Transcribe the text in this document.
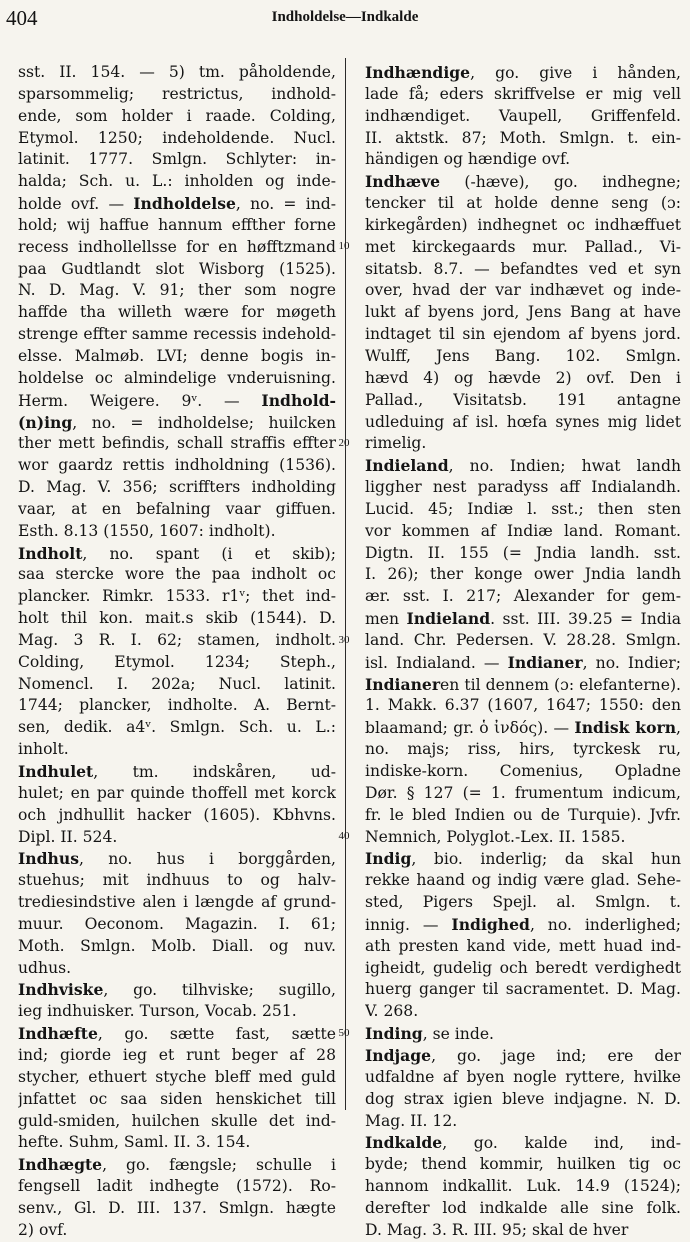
404	Indholdelse—Indkalde
sst. II. 154. — 5) tm. påholdende,
sparsommelig; restrictus, indhold-
ende, som holder i raade. Colding,
Etymol. 1250; indeholdende. Nucl.
latinit. 1777. Smlgn. Schlyter: in-
halda; Sch. u. L.: inholden og inde-
holde ovf. — Indholdelse, no. = ind-
hold; wij haffue hannum effther forne
recess indhollellsse for en høfftzmand
paa Gudtlandt slot Wisborg (1525).
N. D. Mag. V. 91; ther som nogre
haffde tha willeth wære for møgeth
strenge effter samme recessis indehold-
elsse. Malmøb. LVI; denne bogis in-
holdelse oc almindelige vnderuisning.
Herm. Weigere. 9ᵛ. — Indhold-
(n)ing, no. = indholdelse; huilcken
ther mett befindis, schall straffis effter
wor gaardz rettis indholdning (1536).
D. Mag. V. 356; scriffters indholding
vaar, at en befalning vaar giffuen.
Esth. 8.13 (1550, 1607: indholt).
Indholt, no. spant (i et skib);
saa stercke wore the paa indholt oc
plancker. Rimkr. 1533. r1ᵛ; thet ind-
holt thil kon. mait.s skib (1544). D.
Mag. 3 R. I. 62; stamen, indholt.
Colding, Etymol. 1234; Steph.,
Nomencl. I. 202a; Nucl. latinit.
1744; plancker, indholte. A. Bernt-
sen, dedik. a4ᵛ. Smlgn. Sch. u. L.:
inholt.
Indhulet, tm. indskåren, ud-
hulet; en par quinde thoffell met korck
och jndhullit hacker (1605). Kbhvns.
Dipl. II. 524.
Indhus, no. hus i borggården,
stuehus; mit indhuus to og halv-
trediesindstive alen i længde af grund-
muur. Oeconom. Magazin. I. 61;
Moth. Smlgn. Molb. Diall. og nuv.
udhus.
Indhviske, go. tilhviske; sugillo,
ieg indhuisker. Turson, Vocab. 251.
Indhæfte, go. sætte fast, sætte
ind; giorde ieg et runt beger af 28
stycher, ethuert styche bleff med guld
jnfattet oc saa siden henskichet till
guld-smiden, huilchen skulle det ind-
hefte. Suhm, Saml. II. 3. 154.
Indhægte, go. fængsle; schulle i
fengsell ladit indhegte (1572). Ro-
senv., Gl. D. III. 137. Smlgn. hægte
2) ovf.
Indhændige, go. give i hånden,
lade få; eders skriffvelse er mig vell
indhændiget. Vaupell, Griffenfeld.
II. aktstk. 87; Moth. Smlgn. t. ein-
händigen og hændige ovf.
Indhæve (-hæve), go. indhegne;
tencker til at holde denne seng (ɔ:
kirkegården) indhegnet oc indhæffuet
met kirckegaards mur. Pallad., Vi-
sitatsb. 8.7. — befandtes ved et syn
over, hvad der var indhævet og inde-
lukt af byens jord, Jens Bang at have
indtaget til sin ejendom af byens jord.
Wulff, Jens Bang. 102. Smlgn.
hævd 4) og hævde 2) ovf. Den i
Pallad., Visitatsb. 191 antagne
udleduing af isl. hœfa synes mig lidet
rimelig.
Indieland, no. Indien; hwat landh
liggher nest paradyss aff Indialandh.
Lucid. 45; Indiæ l. sst.; then sten
vor kommen af Indiæ land. Romant.
Digtn. II. 155 (= Jndia landh. sst.
I. 26); ther konge ower Jndia landh
ær. sst. I. 217; Alexander for gem-
men Indieland. sst. III. 39.25 = India
land. Chr. Pedersen. V. 28.28. Smlgn.
isl. Indialand. — Indianer, no. Indier;
Indianeren til dennem (ɔ: elefanterne).
1. Makk. 6.37 (1607, 1647; 1550: den
blaamand; gr. ὁ ἰνδός). — Indisk korn,
no. majs; riss, hirs, tyrckesk ru,
indiske-korn. Comenius, Opladne
Dør. § 127 (= 1. frumentum indicum,
fr. le bled Indien ou de Turquie). Jvfr.
Nemnich, Polyglot.-Lex. II. 1585.
Indig, bio. inderlig; da skal hun
rekke haand og indig være glad. Sehe-
sted, Pigers Spejl. al. Smlgn. t.
innig. — Indighed, no. inderlighed;
ath presten kand vide, mett huad ind-
igheidt, gudelig och beredt verdighedt
huerg ganger til sacramentet. D. Mag.
V. 268.
Inding, se inde.
Indjage, go. jage ind; ere der
udfaldne af byen nogle ryttere, hvilke
dog strax igien bleve indjagne. N. D.
Mag. II. 12.
Indkalde, go. kalde ind, ind-
byde; thend kommir, huilken tig oc
hannom indkallit. Luk. 14.9 (1524);
derefter lod indkalde alle sine folk.
D. Mag. 3. R. III. 95; skal de hver
10
20
30
40
50
